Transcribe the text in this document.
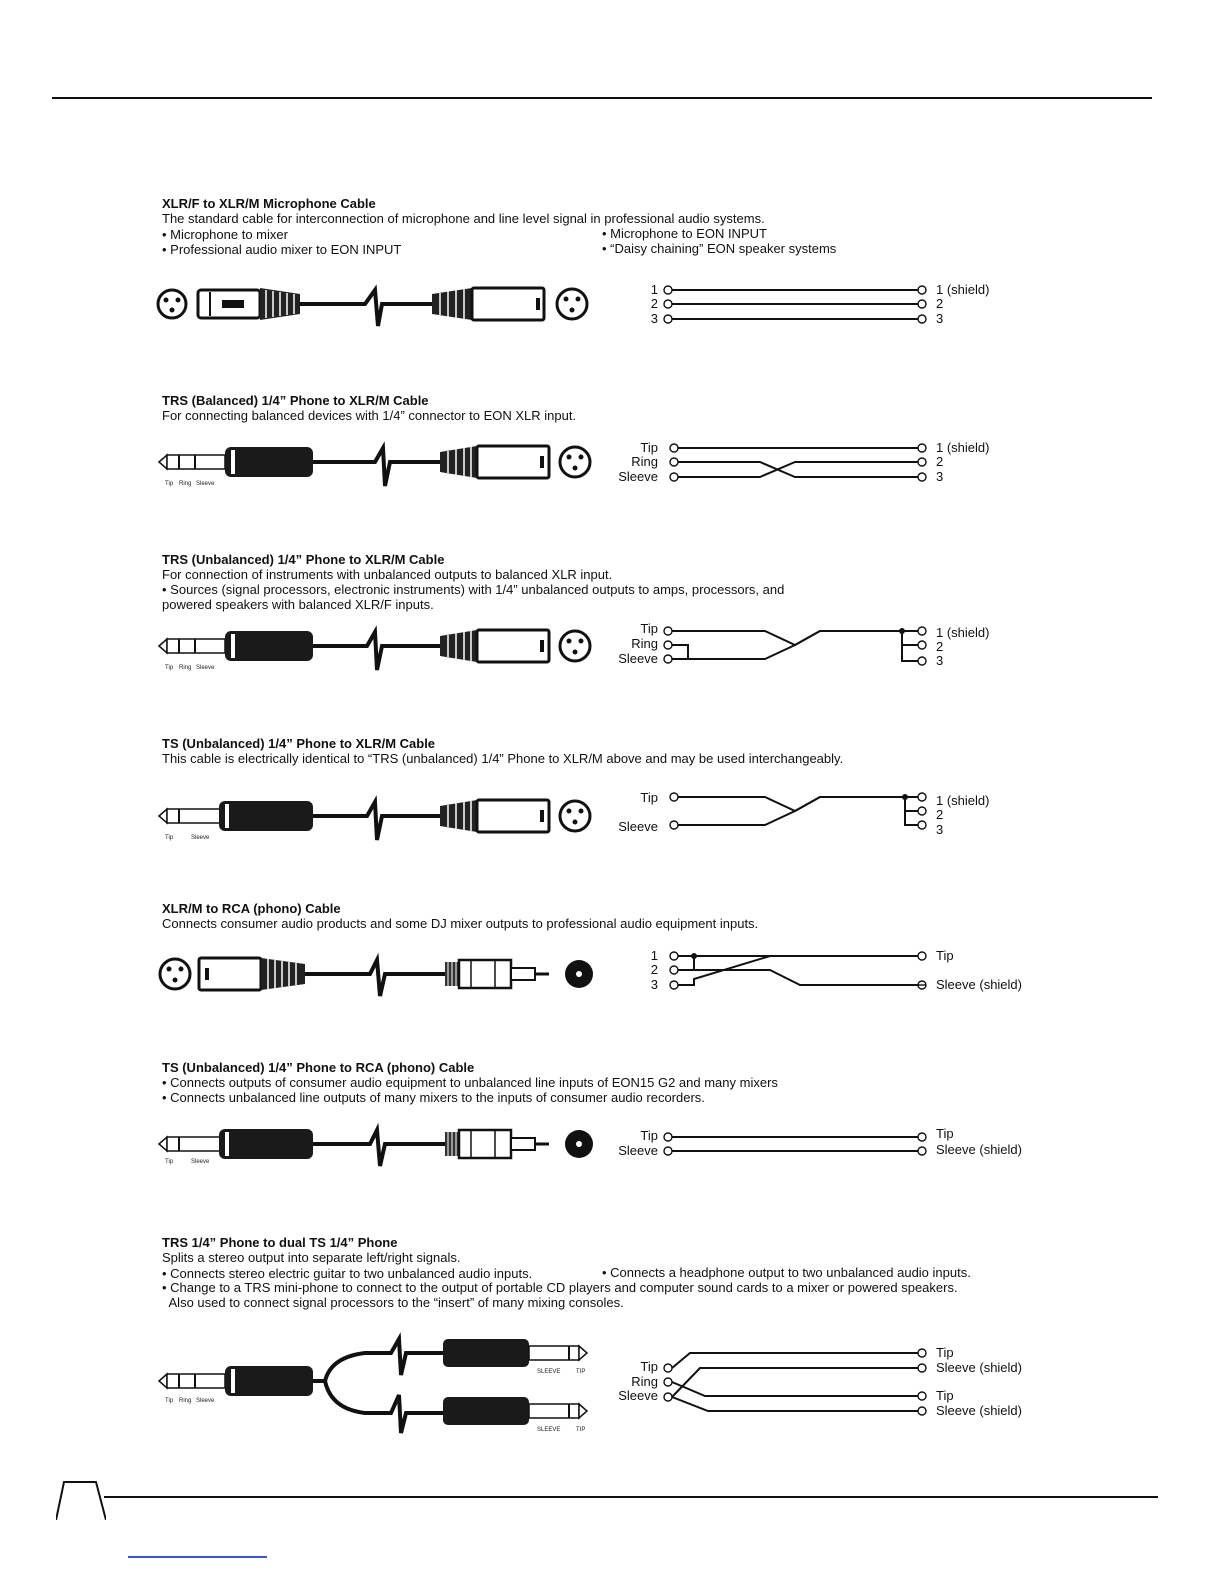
XLR/F to XLR/M Microphone Cable

The standard cable for interconnection of microphone and line level signal in professional audio systems.

• Microphone to mixer	• Microphone to EON INPUT
• Professional audio mixer to EON INPUT	• “Daisy chaining” EON speaker systems
1
2
3
1 (shield)
2
3

TRS (Balanced) 1/4” Phone to XLR/M Cable

For connecting balanced devices with 1/4” connector to EON XLR input.

Tip Ring Sleeve
Tip
Ring
Sleeve
1 (shield)
2
3

TRS (Unbalanced) 1/4” Phone to XLR/M Cable

For connection of instruments with unbalanced outputs to balanced XLR input.

• Sources (signal processors, electronic instruments) with 1/4” unbalanced outputs to amps, processors, and

powered speakers with balanced XLR/F inputs.

Tip Ring Sleeve
Tip
Ring
Sleeve
1 (shield)
2
3

TS (Unbalanced) 1/4” Phone to XLR/M Cable

This cable is electrically identical to “TRS (unbalanced) 1/4” Phone to XLR/M above and may be used interchangeably.

Tip	Sleeve
Tip
Sleeve
1 (shield)
2
3

XLR/M to RCA (phono) Cable

Connects consumer audio products and some DJ mixer outputs to professional audio equipment inputs.

1
2
3
Tip
Sleeve (shield)

TS (Unbalanced) 1/4” Phone to RCA (phono) Cable

• Connects outputs of consumer audio equipment to unbalanced line inputs of EON15 G2 and many mixers

• Connects unbalanced line outputs of many mixers to the inputs of consumer audio recorders.

Tip	Sleeve
Tip
Sleeve
Tip
Sleeve (shield)

TRS 1/4” Phone to dual TS 1/4” Phone

Splits a stereo output into separate left/right signals.

• Connects stereo electric guitar to two unbalanced audio inputs.	• Connects a headphone output to two unbalanced audio inputs.

• Change to a TRS mini-phone to connect to the output of portable CD players and computer sound cards to a mixer or powered speakers.

Also used to connect signal processors to the “insert” of many mixing consoles.

Tip Ring Sleeve
SLEEVE	TIP
SLEEVE	TIP
Tip
Ring
Sleeve
Tip
Sleeve (shield)
Tip
Sleeve (shield)
